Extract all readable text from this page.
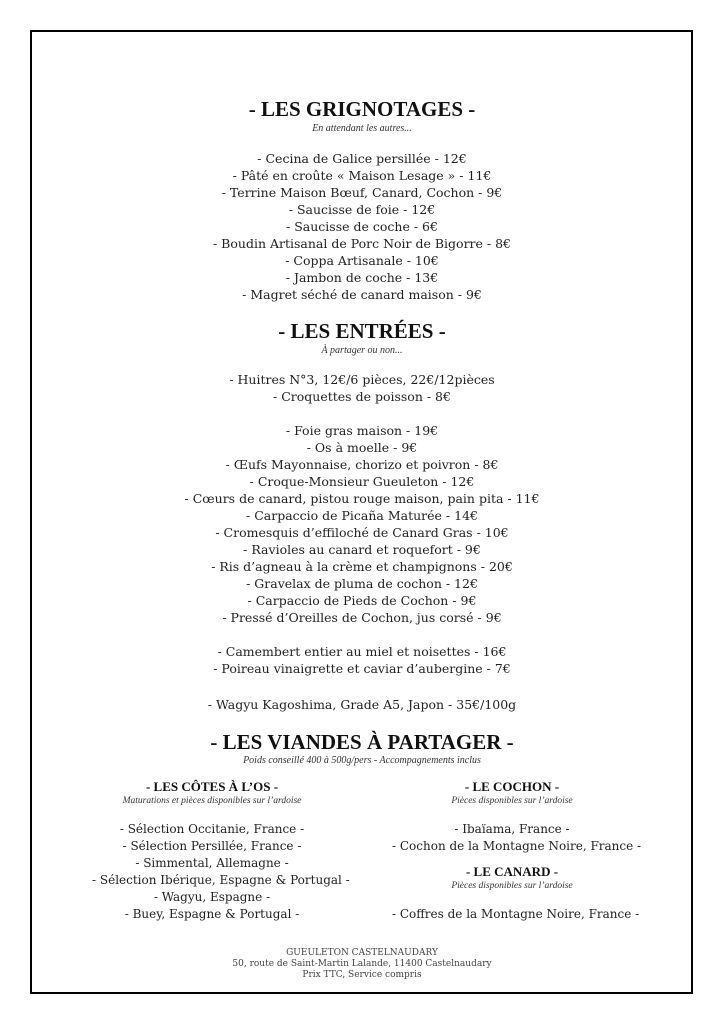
- LES GRIGNOTAGES -
En attendant les autres...
- Cecina de Galice persillée - 12€
- Pâté en croûte « Maison Lesage » - 11€
- Terrine Maison Bœuf, Canard, Cochon - 9€
- Saucisse de foie - 12€
- Saucisse de coche - 6€
- Boudin Artisanal de Porc Noir de Bigorre - 8€
- Coppa Artisanale - 10€
- Jambon de coche - 13€
- Magret séché de canard maison - 9€
- LES ENTRÉES -
À partager ou non...
- Huitres N°3, 12€/6 pièces, 22€/12pièces
- Croquettes de poisson - 8€
- Foie gras maison - 19€
- Os à moelle - 9€
- Œufs Mayonnaise, chorizo et poivron - 8€
- Croque-Monsieur Gueuleton - 12€
- Cœurs de canard, pistou rouge maison, pain pita - 11€
- Carpaccio de Picaña Maturée - 14€
- Cromesquis d’effiloché de Canard Gras - 10€
- Ravioles au canard et roquefort - 9€
- Ris d’agneau à la crème et champignons - 20€
- Gravelax de pluma de cochon - 12€
- Carpaccio de Pieds de Cochon - 9€
- Pressé d’Oreilles de Cochon, jus corsé - 9€
- Camembert entier au miel et noisettes - 16€
- Poireau vinaigrette et caviar d’aubergine - 7€
- Wagyu Kagoshima, Grade A5, Japon - 35€/100g
- LES VIANDES À PARTAGER -
Poids conseillé 400 à 500g/pers - Accompagnements inclus
- LES CÔTES À L’OS -
Maturations et pièces disponibles sur l’ardoise
- Sélection Occitanie, France -
- Sélection Persillée, France -
- Simmental, Allemagne -
- Sélection Ibérique, Espagne & Portugal -
- Wagyu, Espagne -
- Buey, Espagne & Portugal -
- LE COCHON -
Pièces disponibles sur l’ardoise
- Ibaïama, France -
- Cochon de la Montagne Noire, France -
- LE CANARD -
Pièces disponibles sur l’ardoise
- Coffres de la Montagne Noire, France -
GUEULETON CASTELNAUDARY
50, route de Saint-Martin Lalande, 11400 Castelnaudary
Prix TTC, Service compris
